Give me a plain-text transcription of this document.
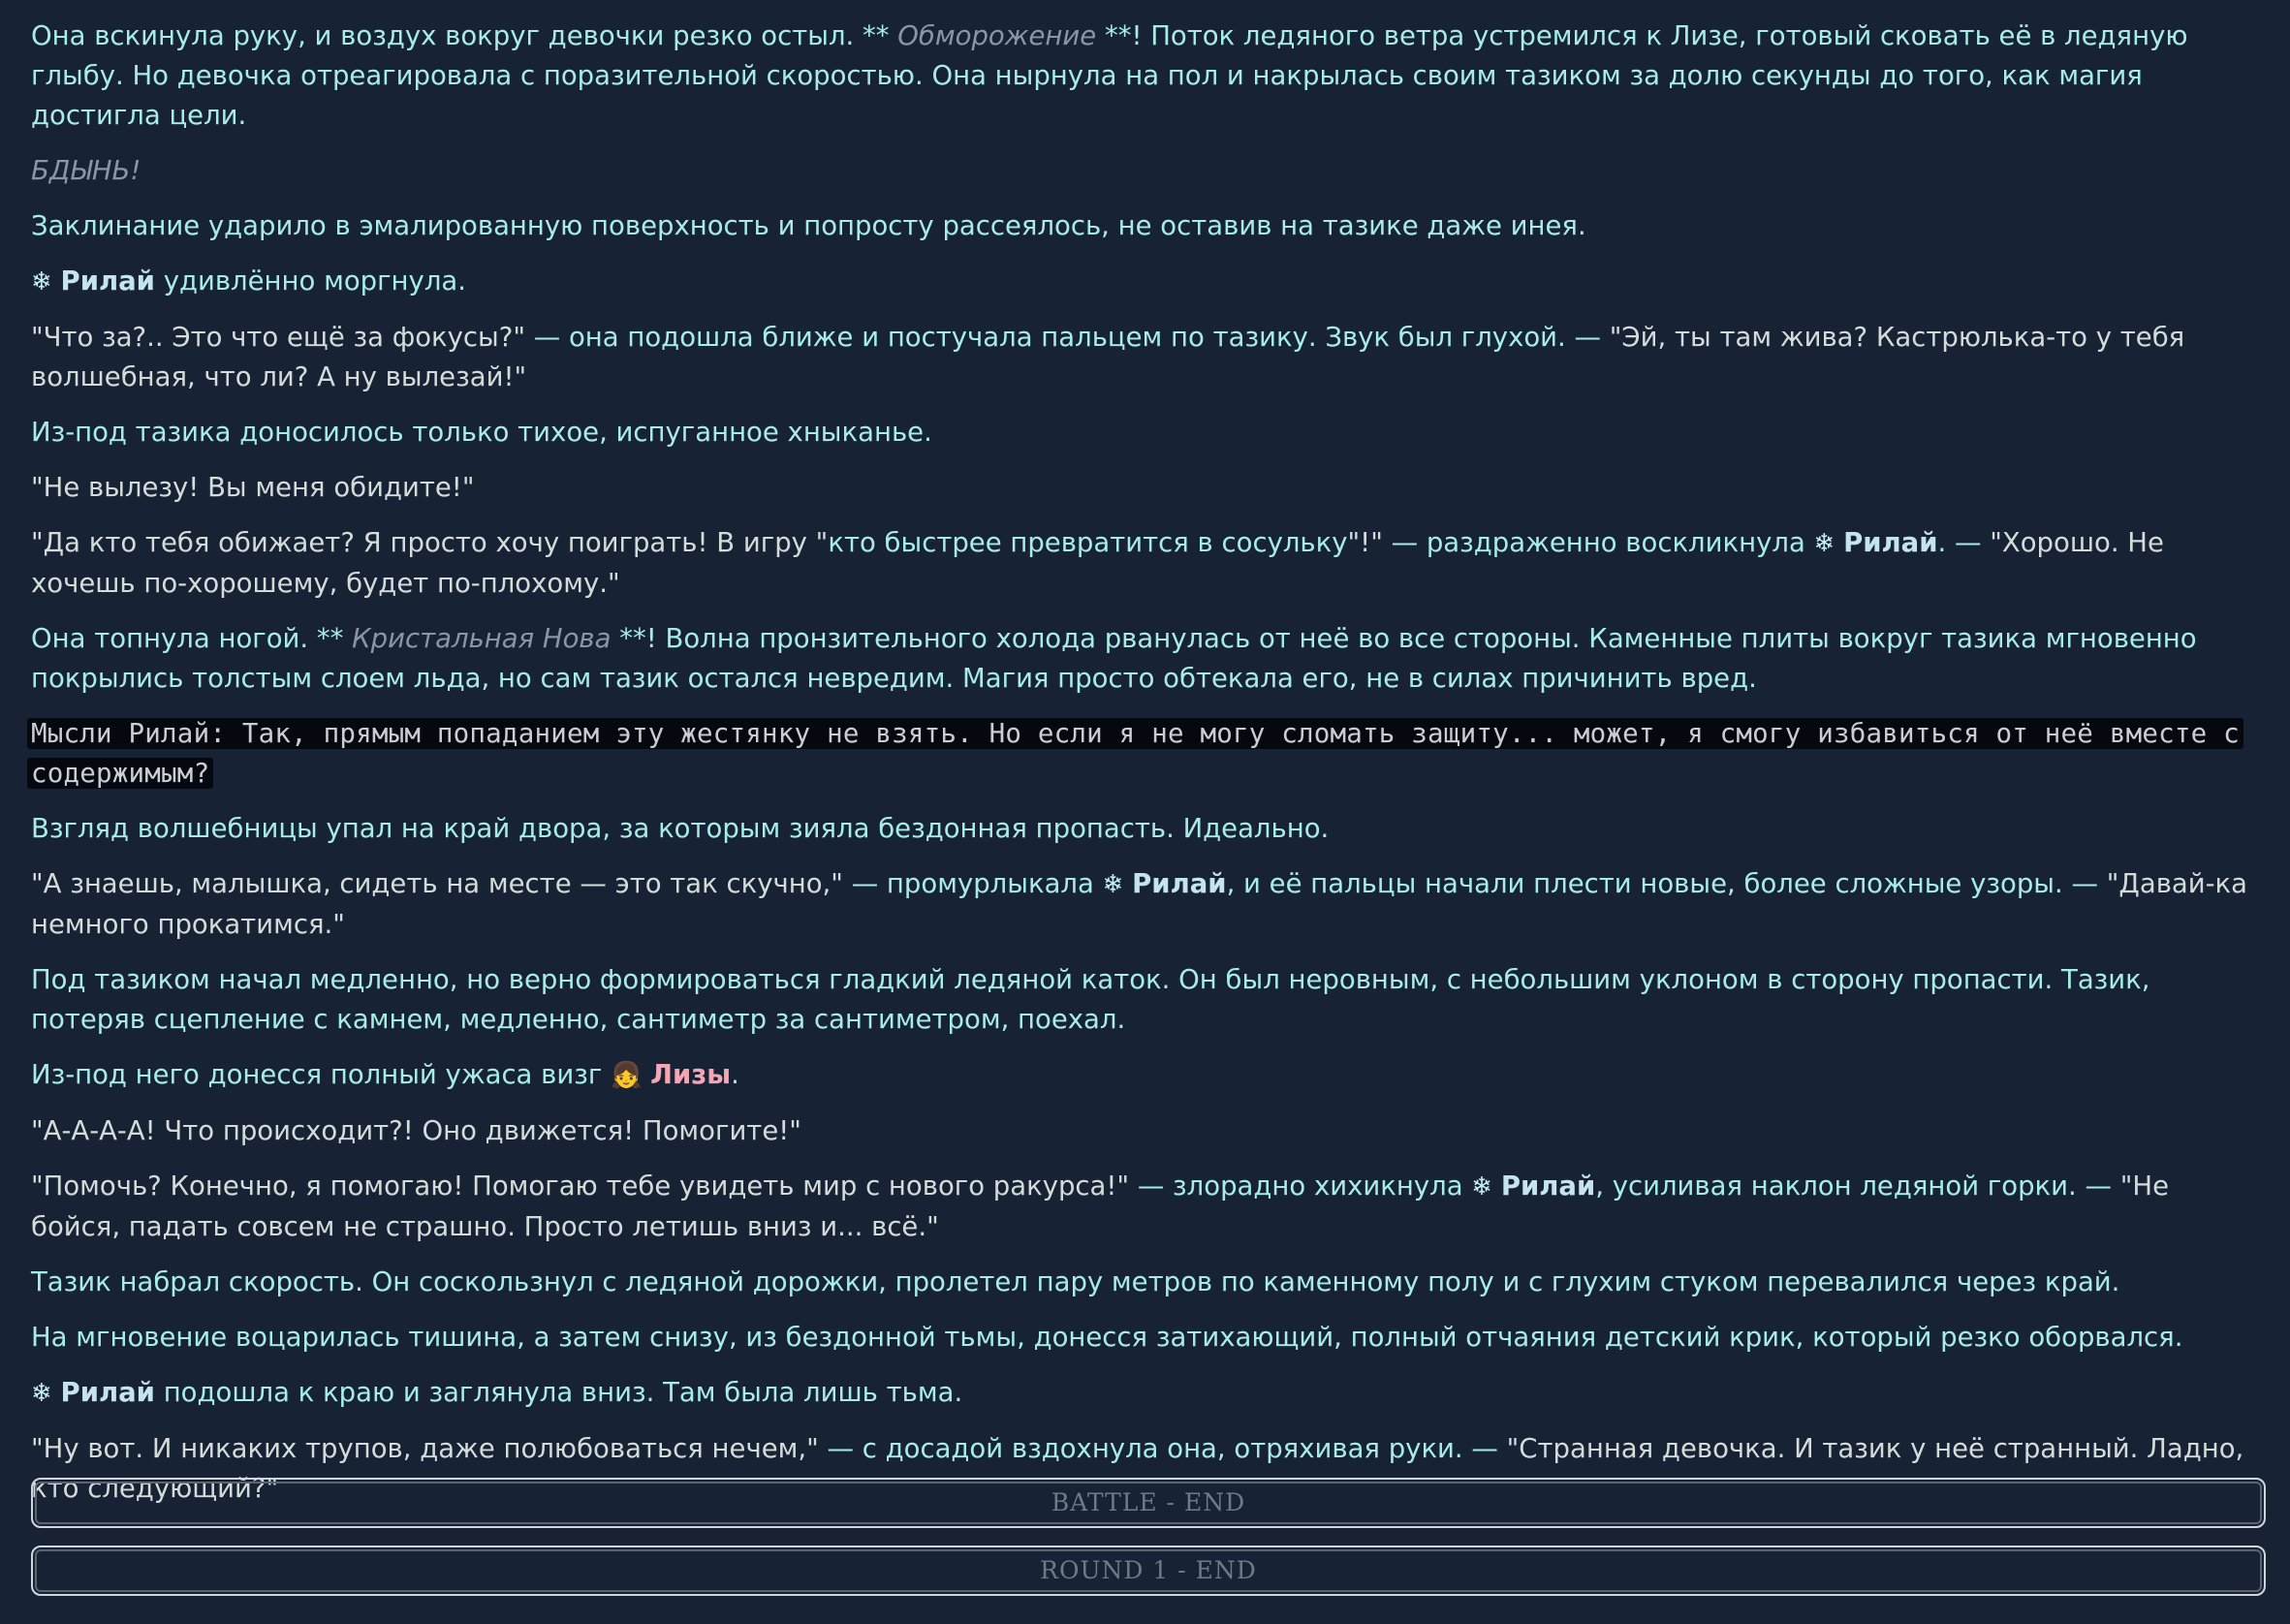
Она вскинула руку, и воздух вокруг девочки резко остыл. ** Обморожение **! Поток ледяного ветра устремился к Лизе, готовый сковать её в ледяную глыбу. Но девочка отреагировала с поразительной скоростью. Она нырнула на пол и накрылась своим тазиком за долю секунды до того, как магия достигла цели.

БДЫНЬ!

Заклинание ударило в эмалированную поверхность и попросту рассеялось, не оставив на тазике даже инея.

❄ Рилай удивлённо моргнула.

"Что за?.. Это что ещё за фокусы?" — она подошла ближе и постучала пальцем по тазику. Звук был глухой. — "Эй, ты там жива? Кастрюлька-то у тебя волшебная, что ли? А ну вылезай!"

Из-под тазика доносилось только тихое, испуганное хныканье.

"Не вылезу! Вы меня обидите!"

"Да кто тебя обижает? Я просто хочу поиграть! В игру "кто быстрее превратится в сосульку"!" — раздраженно воскликнула ❄ Рилай. — "Хорошо. Не хочешь по-хорошему, будет по-плохому."

Она топнула ногой. ** Кристальная Нова **! Волна пронзительного холода рванулась от неё во все стороны. Каменные плиты вокруг тазика мгновенно покрылись толстым слоем льда, но сам тазик остался невредим. Магия просто обтекала его, не в силах причинить вред.

Мысли Рилай: Так, прямым попаданием эту жестянку не взять. Но если я не могу сломать защиту... может, я смогу избавиться от неё вместе с содержимым?

Взгляд волшебницы упал на край двора, за которым зияла бездонная пропасть. Идеально.

"А знаешь, малышка, сидеть на месте — это так скучно," — промурлыкала ❄ Рилай, и её пальцы начали плести новые, более сложные узоры. — "Давай-ка немного прокатимся."

Под тазиком начал медленно, но верно формироваться гладкий ледяной каток. Он был неровным, с небольшим уклоном в сторону пропасти. Тазик, потеряв сцепление с камнем, медленно, сантиметр за сантиметром, поехал.

Из-под него донесся полный ужаса визг 👧 Лизы.

"А-А-А-А! Что происходит?! Оно движется! Помогите!"

"Помочь? Конечно, я помогаю! Помогаю тебе увидеть мир с нового ракурса!" — злорадно хихикнула ❄ Рилай, усиливая наклон ледяной горки. — "Не бойся, падать совсем не страшно. Просто летишь вниз и... всё."

Тазик набрал скорость. Он соскользнул с ледяной дорожки, пролетел пару метров по каменному полу и с глухим стуком перевалился через край.

На мгновение воцарилась тишина, а затем снизу, из бездонной тьмы, донесся затихающий, полный отчаяния детский крик, который резко оборвался.

❄ Рилай подошла к краю и заглянула вниз. Там была лишь тьма.

"Ну вот. И никаких трупов, даже полюбоваться нечем," — с досадой вздохнула она, отряхивая руки. — "Странная девочка. И тазик у неё странный. Ладно, кто следующий?"	BATTLE - END
ROUND 1 - END
